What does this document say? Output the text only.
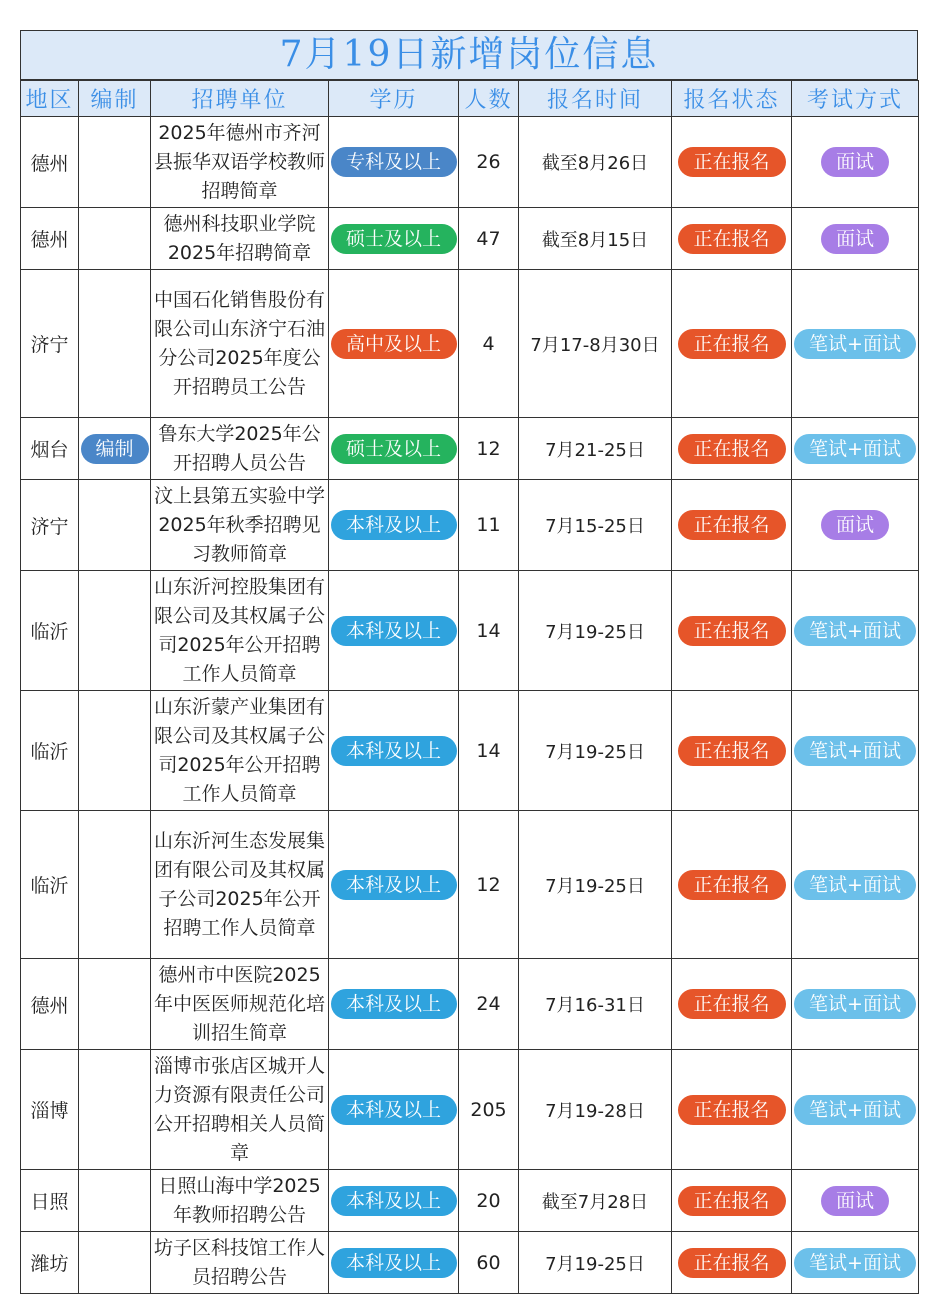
7月19日新增岗位信息
地区	编制	招聘单位	学历	人数	报名时间	报名状态	考试方式
德州		2025年德州市齐河县振华双语学校教师招聘简章	专科及以上	26	截至8月26日	正在报名	面试
德州		德州科技职业学院2025年招聘简章	硕士及以上	47	截至8月15日	正在报名	面试
济宁		中国石化销售股份有限公司山东济宁石油分公司2025年度公开招聘员工公告	高中及以上	4	7月17-8月30日	正在报名	笔试+面试
烟台	编制	鲁东大学2025年公开招聘人员公告	硕士及以上	12	7月21-25日	正在报名	笔试+面试
济宁		汶上县第五实验中学2025年秋季招聘见习教师简章	本科及以上	11	7月15-25日	正在报名	面试
临沂		山东沂河控股集团有限公司及其权属子公司2025年公开招聘工作人员简章	本科及以上	14	7月19-25日	正在报名	笔试+面试
临沂		山东沂蒙产业集团有限公司及其权属子公司2025年公开招聘工作人员简章	本科及以上	14	7月19-25日	正在报名	笔试+面试
临沂		山东沂河生态发展集团有限公司及其权属子公司2025年公开招聘工作人员简章	本科及以上	12	7月19-25日	正在报名	笔试+面试
德州		德州市中医院2025年中医医师规范化培训招生简章	本科及以上	24	7月16-31日	正在报名	笔试+面试
淄博		淄博市张店区城开人力资源有限责任公司公开招聘相关人员简章	本科及以上	205	7月19-28日	正在报名	笔试+面试
日照		日照山海中学2025年教师招聘公告	本科及以上	20	截至7月28日	正在报名	面试
潍坊		坊子区科技馆工作人员招聘公告	本科及以上	60	7月19-25日	正在报名	笔试+面试
